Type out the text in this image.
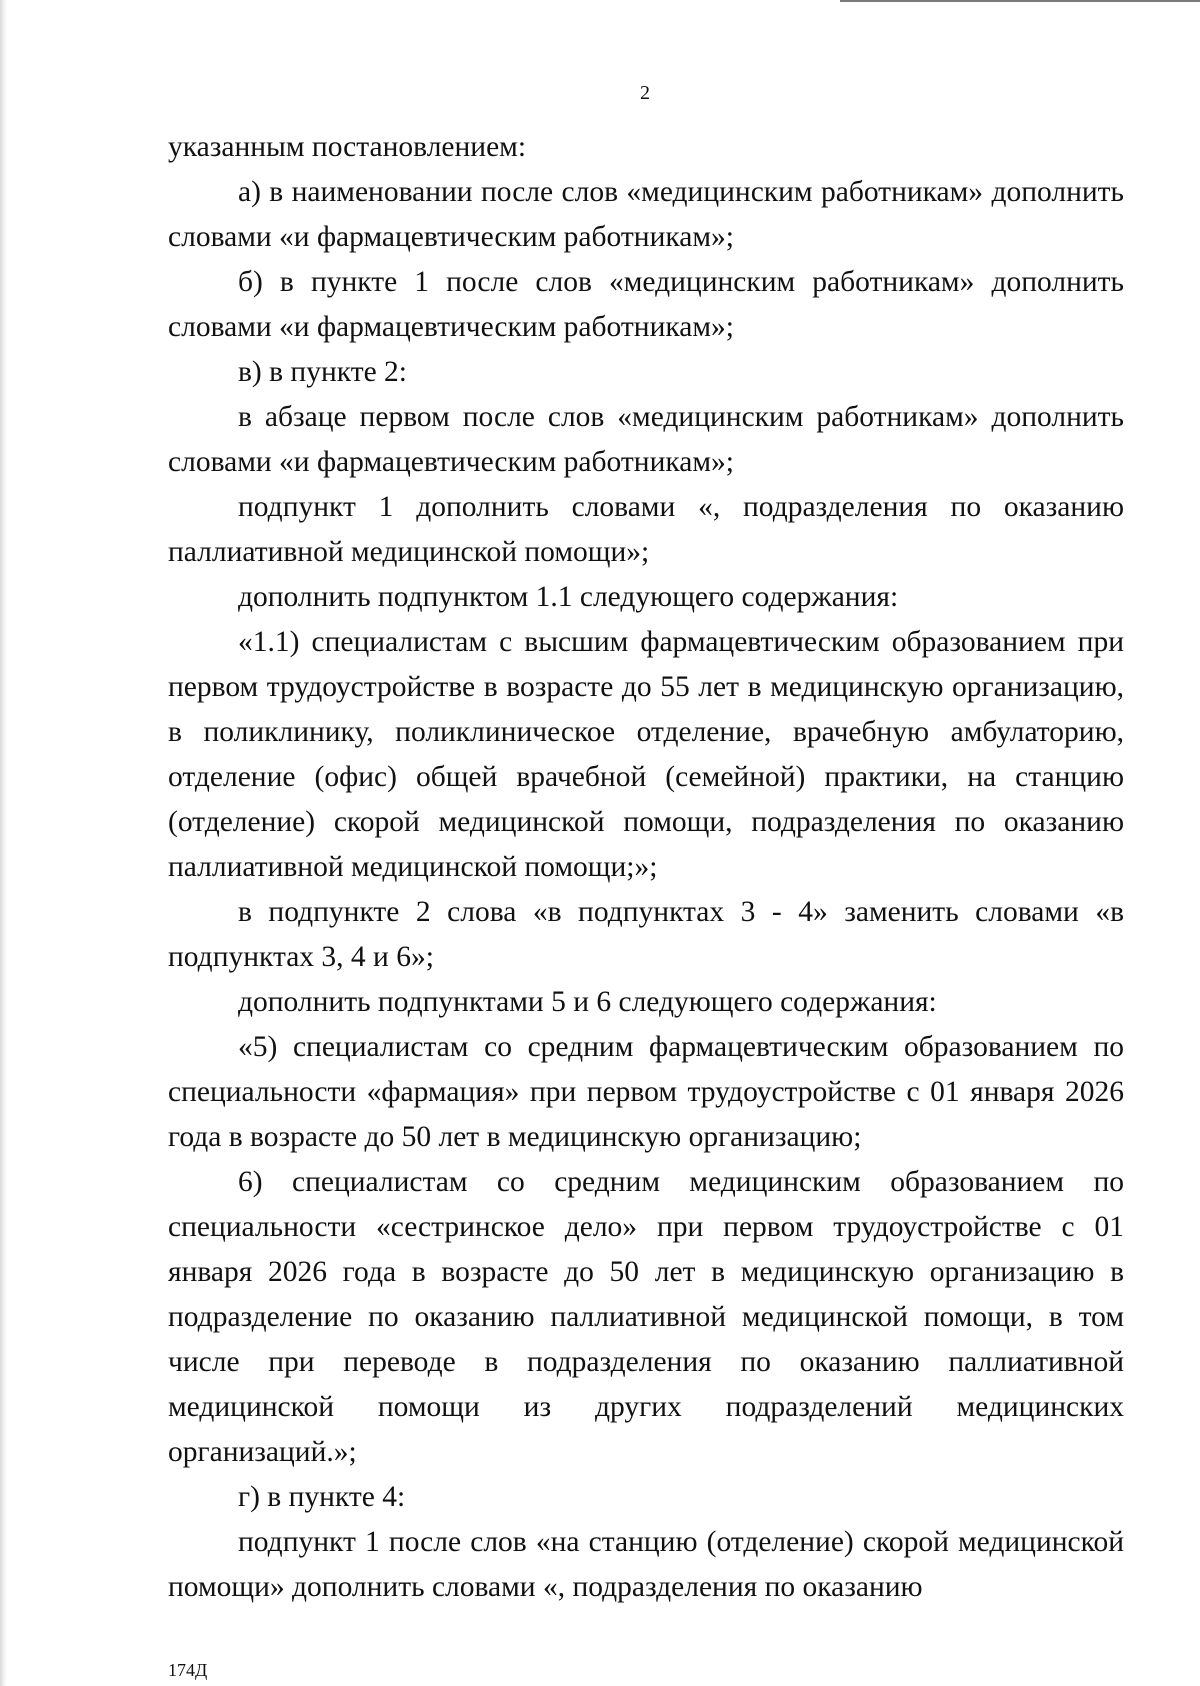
2

указанным постановлением:

а) в наименовании после слов «медицинским работникам» дополнить словами «и фармацевтическим работникам»;

б) в пункте 1 после слов «медицинским работникам» дополнить словами «и фармацевтическим работникам»;

в) в пункте 2:

в абзаце первом после слов «медицинским работникам» дополнить словами «и фармацевтическим работникам»;

подпункт 1 дополнить словами «, подразделения по оказанию паллиативной медицинской помощи»;

дополнить подпунктом 1.1 следующего содержания:

«1.1) специалистам с высшим фармацевтическим образованием при первом трудоустройстве в возрасте до 55 лет в медицинскую организацию, в поликлинику, поликлиническое отделение, врачебную амбулаторию, отделение (офис) общей врачебной (семейной) практики, на станцию (отделение) скорой медицинской помощи, подразделения по оказанию паллиативной медицинской помощи;»;

в подпункте 2 слова «в подпунктах 3 - 4» заменить словами «в подпунктах 3, 4 и 6»;

дополнить подпунктами 5 и 6 следующего содержания:

«5) специалистам со средним фармацевтическим образованием по специальности «фармация» при первом трудоустройстве с 01 января 2026 года в возрасте до 50 лет в медицинскую организацию;

6) специалистам со средним медицинским образованием по специальности «сестринское дело» при первом трудоустройстве с 01 января 2026 года в возрасте до 50 лет в медицинскую организацию в подразделение по оказанию паллиативной медицинской помощи, в том числе при переводе в подразделения по оказанию паллиативной медицинской помощи из других подразделений медицинских организаций.»;

г) в пункте 4:

подпункт 1 после слов «на станцию (отделение) скорой медицинской помощи» дополнить словами «, подразделения по оказанию

174Д
